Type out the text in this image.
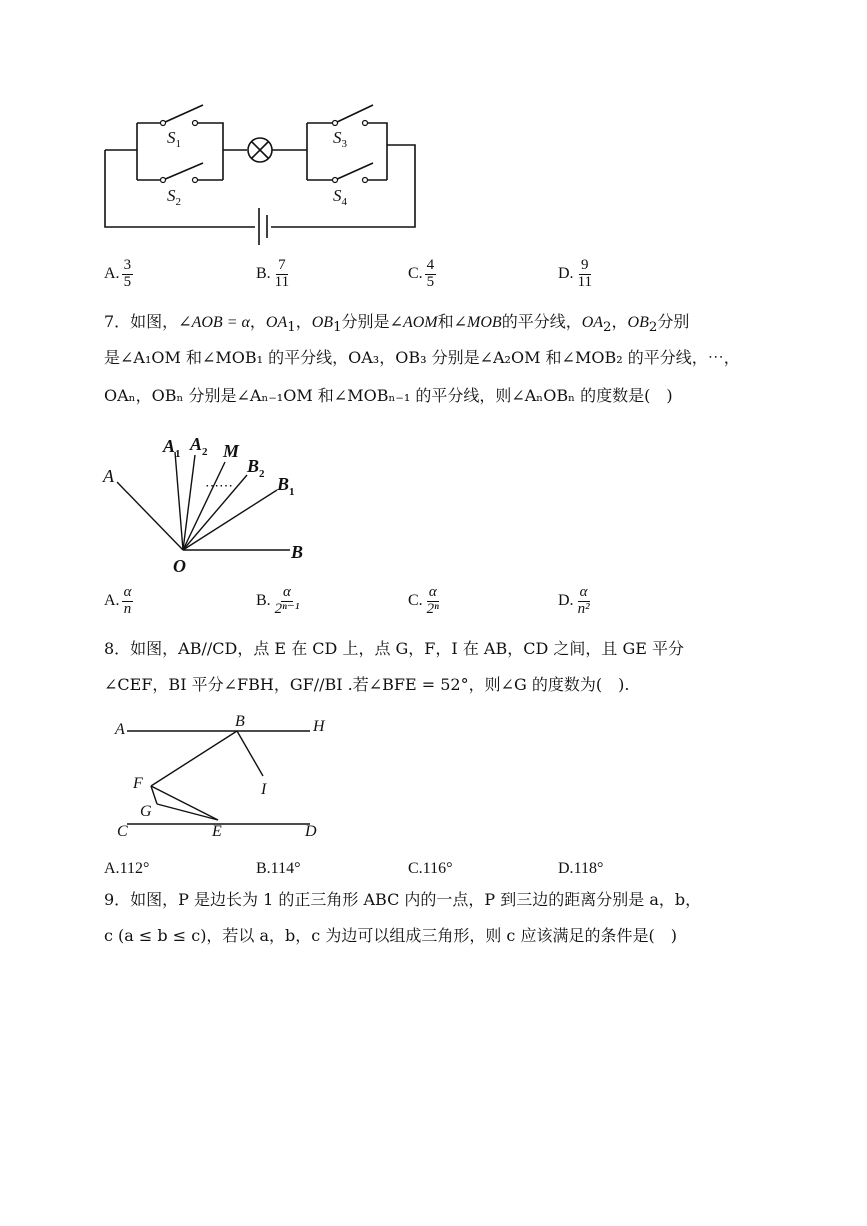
$S_1$
$S_2$
$S_3$
$S_4$
A. $\frac{3}{5}$	B. $\frac{7}{11}$	C. $\frac{4}{5}$	D. $\frac{9}{11}$
7．如图，∠AOB = α，$OA_1$，$OB_1$分别是∠AOM和∠MOB的平分线，$OA_2$，$OB_2$分别
是∠A₁OM 和∠MOB₁ 的平分线，OA₃，OB₃ 分别是∠A₂OM 和∠MOB₂ 的平分线，⋯，
OAₙ，OBₙ 分别是∠Aₙ₋₁OM 和∠MOBₙ₋₁ 的平分线，则∠AₙOBₙ 的度数是(　)
A
$A_1$ $A_2$ M
$B_2$ $B_1$
⋯⋯
O
B
A. $\frac{\alpha}{n}$	B. $\frac{\alpha}{\text{2ⁿ⁻¹}}$	C. $\frac{\alpha}{\text{2ⁿ}}$	D. $\frac{\alpha}{\text{n²}}$
8．如图，AB//CD，点 E 在 CD 上，点 G，F，I 在 AB，CD 之间，且 GE 平分
∠CEF，BI 平分∠FBH，GF//BI .若∠BFE = 52°，则∠G 的度数为(　).
A	B	H
F	I
G
C	E	D
A.112°	B.114°	C.116°	D.118°
9．如图，P 是边长为 1 的正三角形 ABC 内的一点，P 到三边的距离分别是 a，b，
c (a ≤ b ≤ c)，若以 a，b，c 为边可以组成三角形，则 c 应该满足的条件是(　)
